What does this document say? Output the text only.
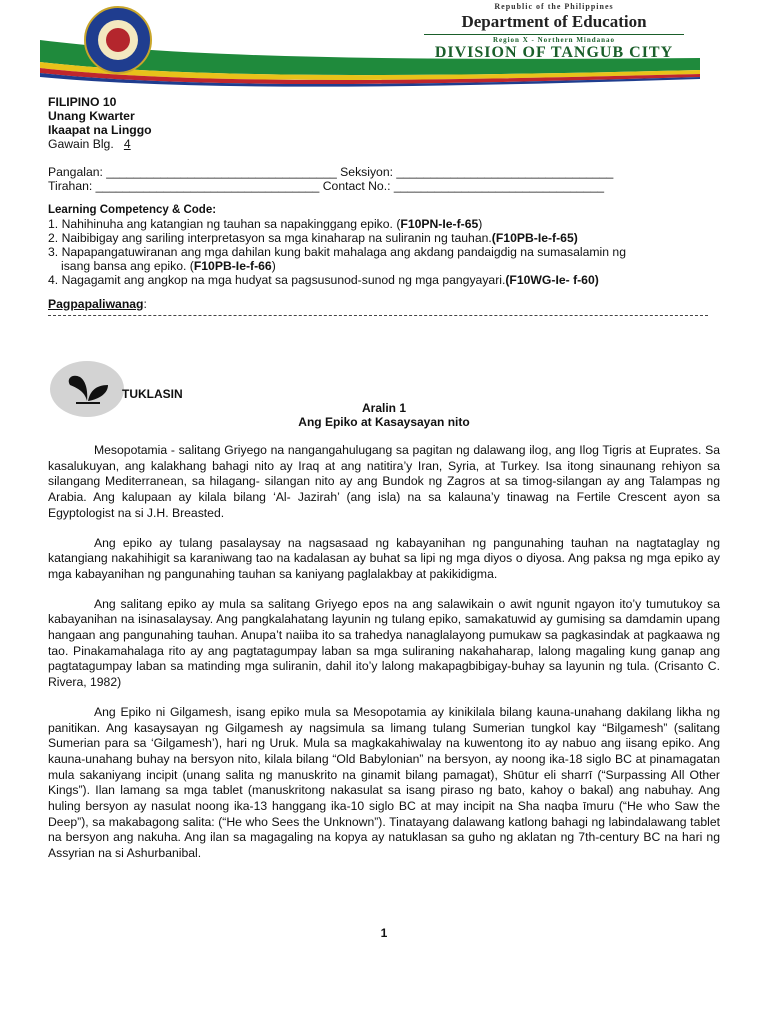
Republic of the Philippines
Department of Education
Region X - Northern Mindanao
DIVISION OF TANGUB CITY
FILIPINO 10
Unang Kwarter
Ikaapat na Linggo
Gawain Blg. 4
Pangalan: __________________________________ Seksiyon: ________________________________
Tirahan: _________________________________ Contact No.: _______________________________
Learning Competency & Code:
1. Nahihinuha ang katangian ng tauhan sa napakinggang epiko. (F10PN-Ie-f-65)
2. Naibibigay ang sariling interpretasyon sa mga kinaharap na suliranin ng tauhan.(F10PB-Ie-f-65)
3. Napapangatuwiranan ang mga dahilan kung bakit mahalaga ang akdang pandaigdig na sumasalamin ng
isang bansa ang epiko. (F10PB-Ie-f-66)
4. Nagagamit ang angkop na mga hudyat sa pagsusunod-sunod ng mga pangyayari.(F10WG-Ie- f-60)
Pagpapaliwanag:
TUKLASIN
Aralin 1
Ang Epiko at Kasaysayan nito

Mesopotamia - salitang Griyego na nangangahulugang sa pagitan ng dalawang ilog, ang Ilog Tigris at Euprates. Sa kasalukuyan, ang kalakhang bahagi nito ay Iraq at ang natitira’y Iran, Syria, at Turkey. Isa itong sinaunang rehiyon sa silangang Mediterranean, sa hilagang- silangan nito ay ang Bundok ng Zagros at sa timog-silangan ay ang Talampas ng Arabia. Ang kalupaan ay kilala bilang ‘Al- Jazirah’ (ang isla) na sa kalauna’y tinawag na Fertile Crescent ayon sa Egyptologist na si J.H. Breasted.

Ang epiko ay tulang pasalaysay na nagsasaad ng kabayanihan ng pangunahing tauhan na nagtataglay ng katangiang nakahihigit sa karaniwang tao na kadalasan ay buhat sa lipi ng mga diyos o diyosa. Ang paksa ng mga epiko ay mga kabayanihan ng pangunahing tauhan sa kaniyang paglalakbay at pakikidigma.

Ang salitang epiko ay mula sa salitang Griyego epos na ang salawikain o awit ngunit ngayon ito’y tumutukoy sa kabayanihan na isinasalaysay. Ang pangkalahatang layunin ng tulang epiko, samakatuwid ay gumising sa damdamin upang hangaan ang pangunahing tauhan. Anupa’t naiiba ito sa trahedya nanaglalayong pumukaw sa pagkasindak at pagkaawa ng tao. Pinakamahalaga rito ay ang pagtatagumpay laban sa mga suliraning nakahaharap, lalong magaling kung ganap ang pagtatagumpay laban sa matinding mga suliranin, dahil ito’y lalong makapagbibigay-buhay sa layunin ng tula. (Crisanto C. Rivera, 1982)

Ang Epiko ni Gilgamesh, isang epiko mula sa Mesopotamia ay kinikilala bilang kauna-unahang dakilang likha ng panitikan. Ang kasaysayan ng Gilgamesh ay nagsimula sa limang tulang Sumerian tungkol kay “Bilgamesh” (salitang Sumerian para sa ‘Gilgamesh’), hari ng Uruk. Mula sa magkakahiwalay na kuwentong ito ay nabuo ang iisang epiko. Ang kauna-unahang buhay na bersyon nito, kilala bilang “Old Babylonian” na bersyon, ay noong ika-18 siglo BC at pinamagatan mula sakaniyang incipit (unang salita ng manuskrito na ginamit bilang pamagat), Shūtur eli sharrī (“Surpassing All Other Kings”). Ilan lamang sa mga tablet (manuskritong nakasulat sa isang piraso ng bato, kahoy o bakal) ang nabuhay. Ang huling bersyon ay nasulat noong ika-13 hanggang ika-10 siglo BC at may incipit na Sha naqba īmuru (“He who Saw the Deep”), sa makabagong salita: (“He who Sees the Unknown”). Tinatayang dalawang katlong bahagi ng labindalawang tablet na bersyon ang nakuha. Ang ilan sa magagaling na kopya ay natuklasan sa guho ng aklatan ng 7th-century BC na hari ng Assyrian na si Ashurbanibal.

1
